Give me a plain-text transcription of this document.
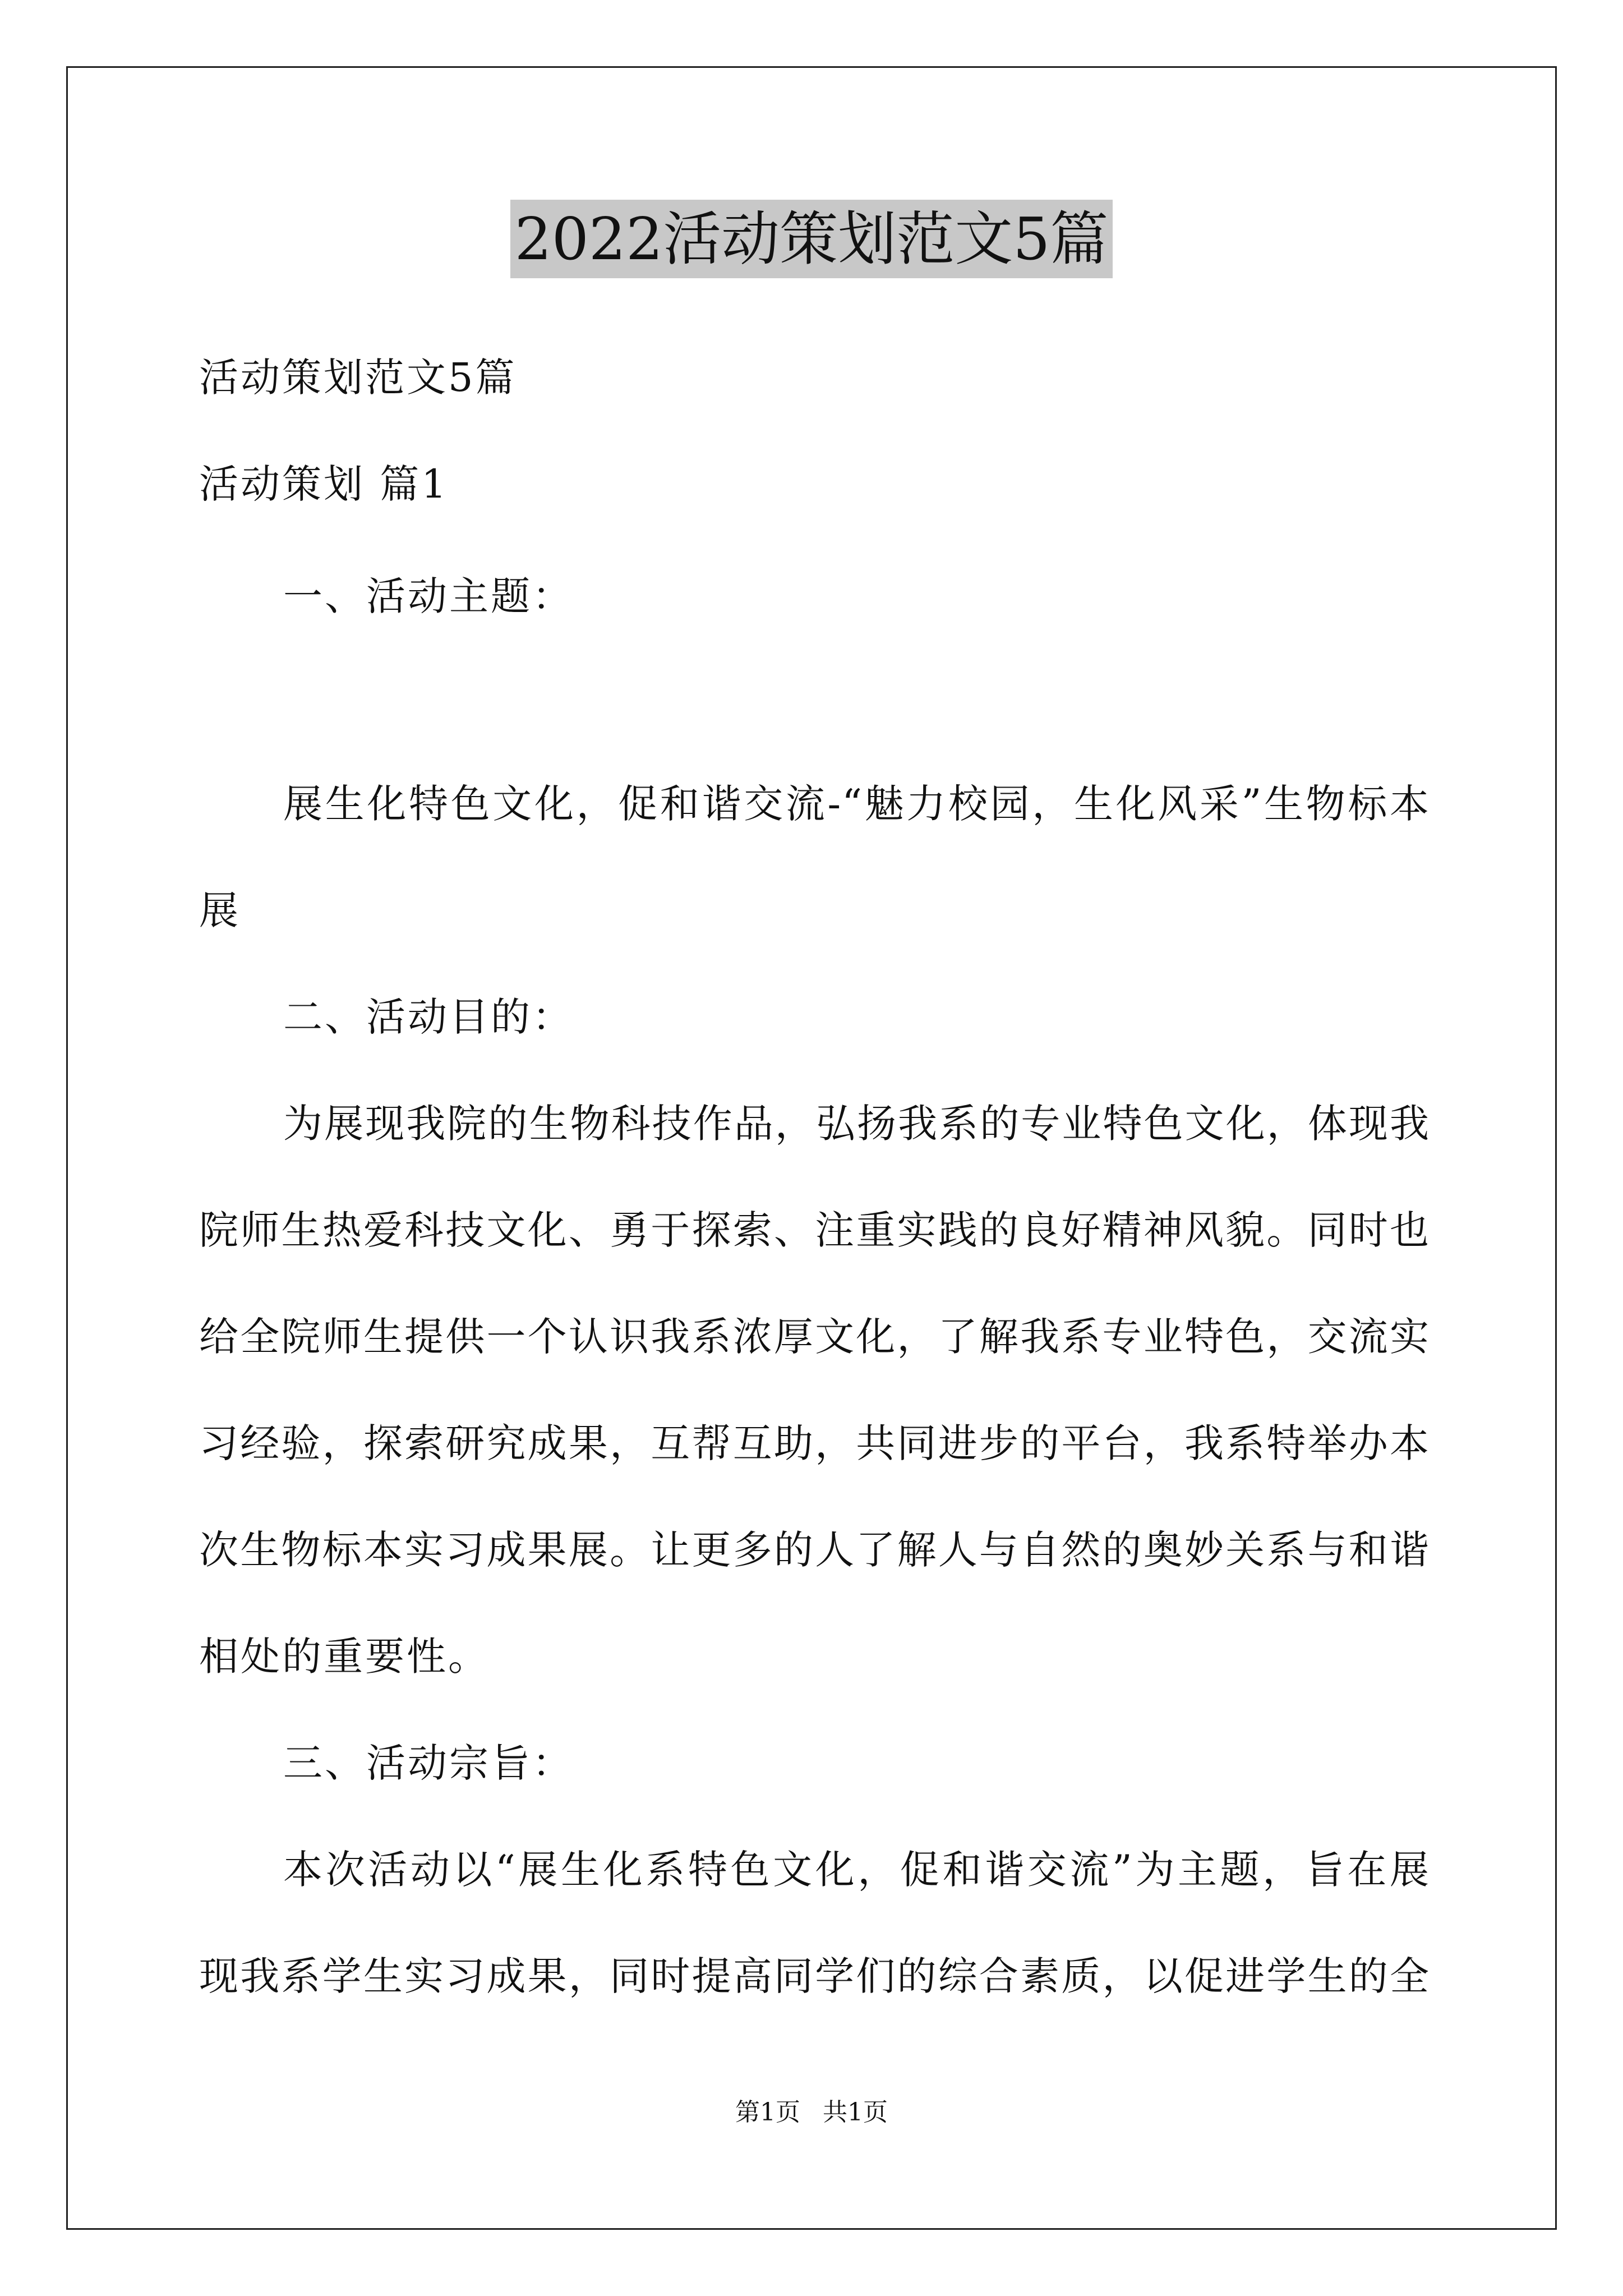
2022活动策划范文5篇
活动策划范文5篇
活动策划 篇1
一、活动主题：
展生化特色文化，促和谐交流-“魅力校园，生化风采”生物标本
展
二、活动目的：
为展现我院的生物科技作品，弘扬我系的专业特色文化，体现我
院师生热爱科技文化、勇于探索、注重实践的良好精神风貌。同时也
给全院师生提供一个认识我系浓厚文化，了解我系专业特色，交流实
习经验，探索研究成果，互帮互助，共同进步的平台，我系特举办本
次生物标本实习成果展。让更多的人了解人与自然的奥妙关系与和谐
相处的重要性。
三、活动宗旨：
本次活动以“展生化系特色文化，促和谐交流”为主题，旨在展
现我系学生实习成果，同时提高同学们的综合素质，以促进学生的全
第1页 共1页
